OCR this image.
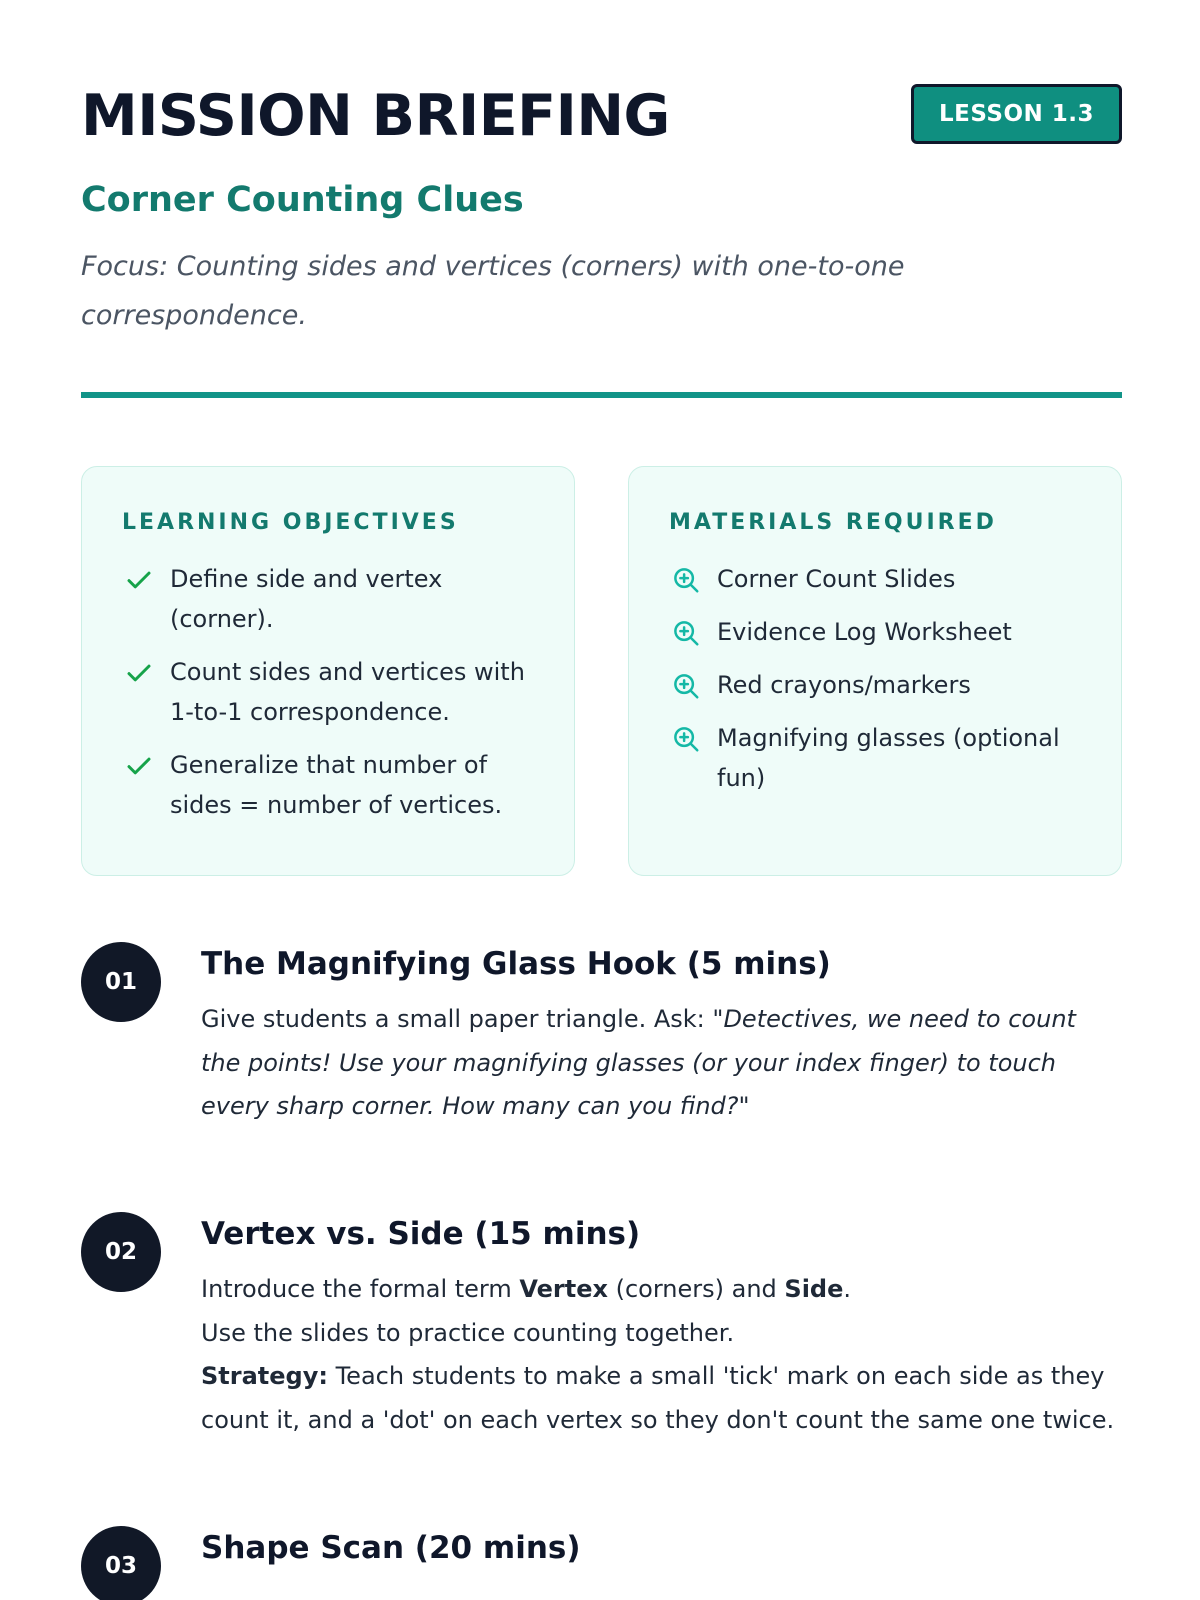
MISSION BRIEFING	LESSON 1.3
Corner Counting Clues

Focus: Counting sides and vertices (corners) with one-to-one correspondence.

LEARNING OBJECTIVES
Define side and vertex (corner).
Count sides and vertices with 1-to-1 correspondence.
Generalize that number of sides = number of vertices.
MATERIALS REQUIRED
Corner Count Slides
Evidence Log Worksheet
Red crayons/markers
Magnifying glasses (optional fun)
01	The Magnifying Glass Hook (5 mins)

Give students a small paper triangle. Ask: "Detectives, we need to count the points! Use your magnifying glasses (or your index finger) to touch every sharp corner. How many can you find?"

02	Vertex vs. Side (15 mins)

Introduce the formal term Vertex (corners) and Side.

Use the slides to practice counting together.

Strategy: Teach students to make a small 'tick' mark on each side as they count it, and a 'dot' on each vertex so they don't count the same one twice.

03	Shape Scan (20 mins)
